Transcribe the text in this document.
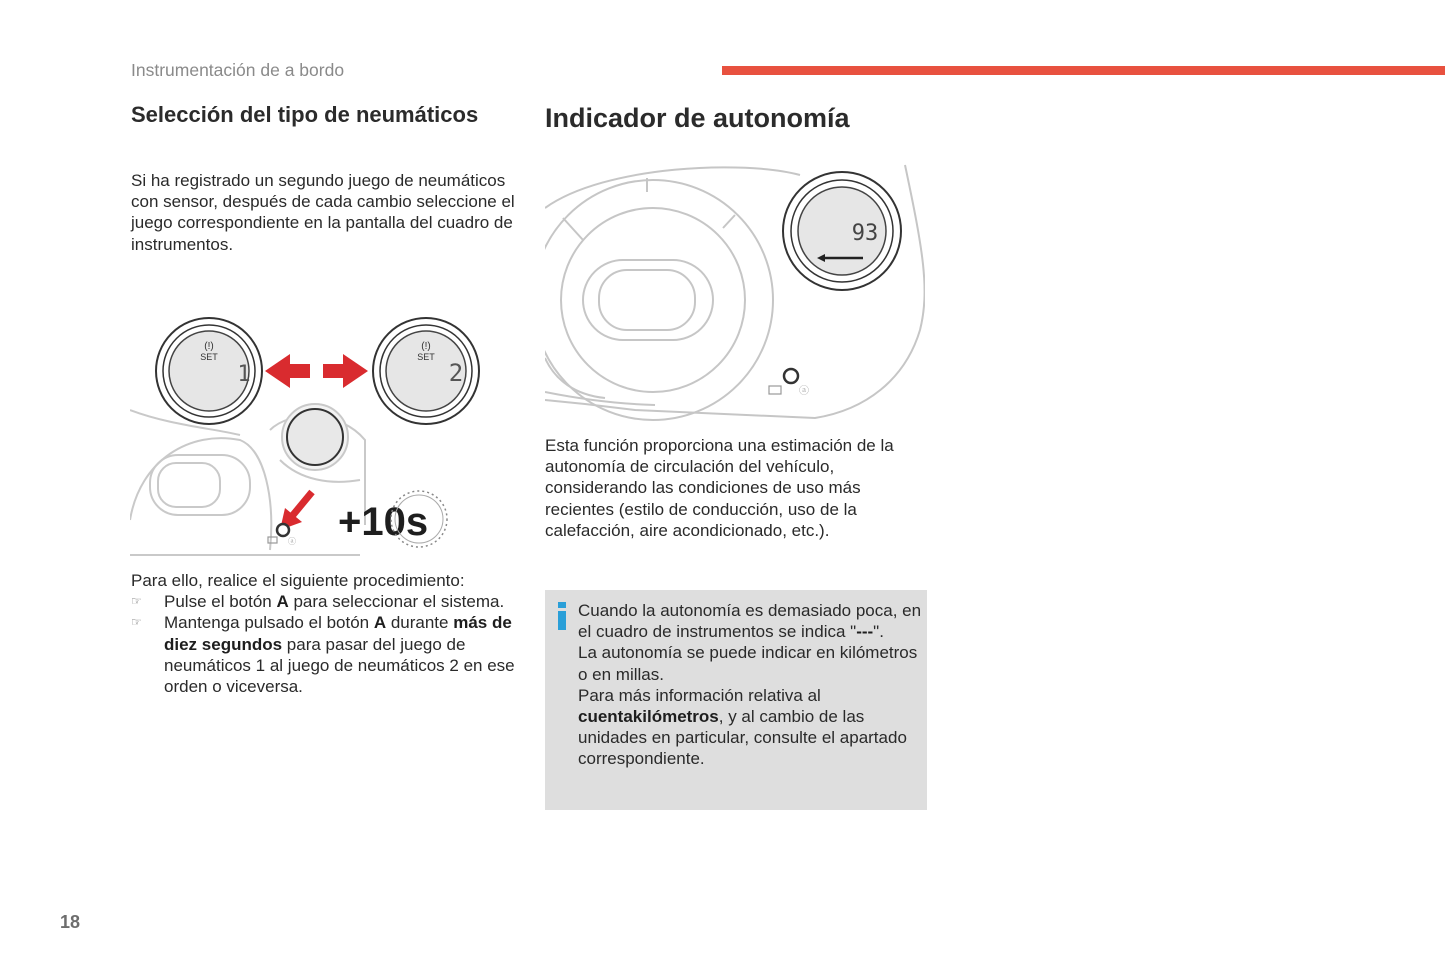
Instrumentación de a bordo
Selección del tipo de neumáticos

Si ha registrado un segundo juego de neumáticos con sensor, después de cada cambio seleccione el juego correspondiente en la pantalla del cuadro de instrumentos.

(!)
SET
1
(!)
SET
2
ⓐ +10s

Para ello, realice el siguiente procedimiento:

☞ Pulse el botón A para seleccionar el sistema.

☞ Mantenga pulsado el botón A durante más de diez segundos para pasar del juego de neumáticos 1 al juego de neumáticos 2 en ese orden o viceversa.

Indicador de autonomía
93
ⓐ

Esta función proporciona una estimación de la autonomía de circulación del vehículo, considerando las condiciones de uso más recientes (estilo de conducción, uso de la calefacción, aire acondicionado, etc.).

Cuando la autonomía es demasiado poca, en el cuadro de instrumentos se indica "---".

La autonomía se puede indicar en kilómetros o en millas.

Para más información relativa al cuentakilómetros, y al cambio de las unidades en particular, consulte el apartado correspondiente.

18
